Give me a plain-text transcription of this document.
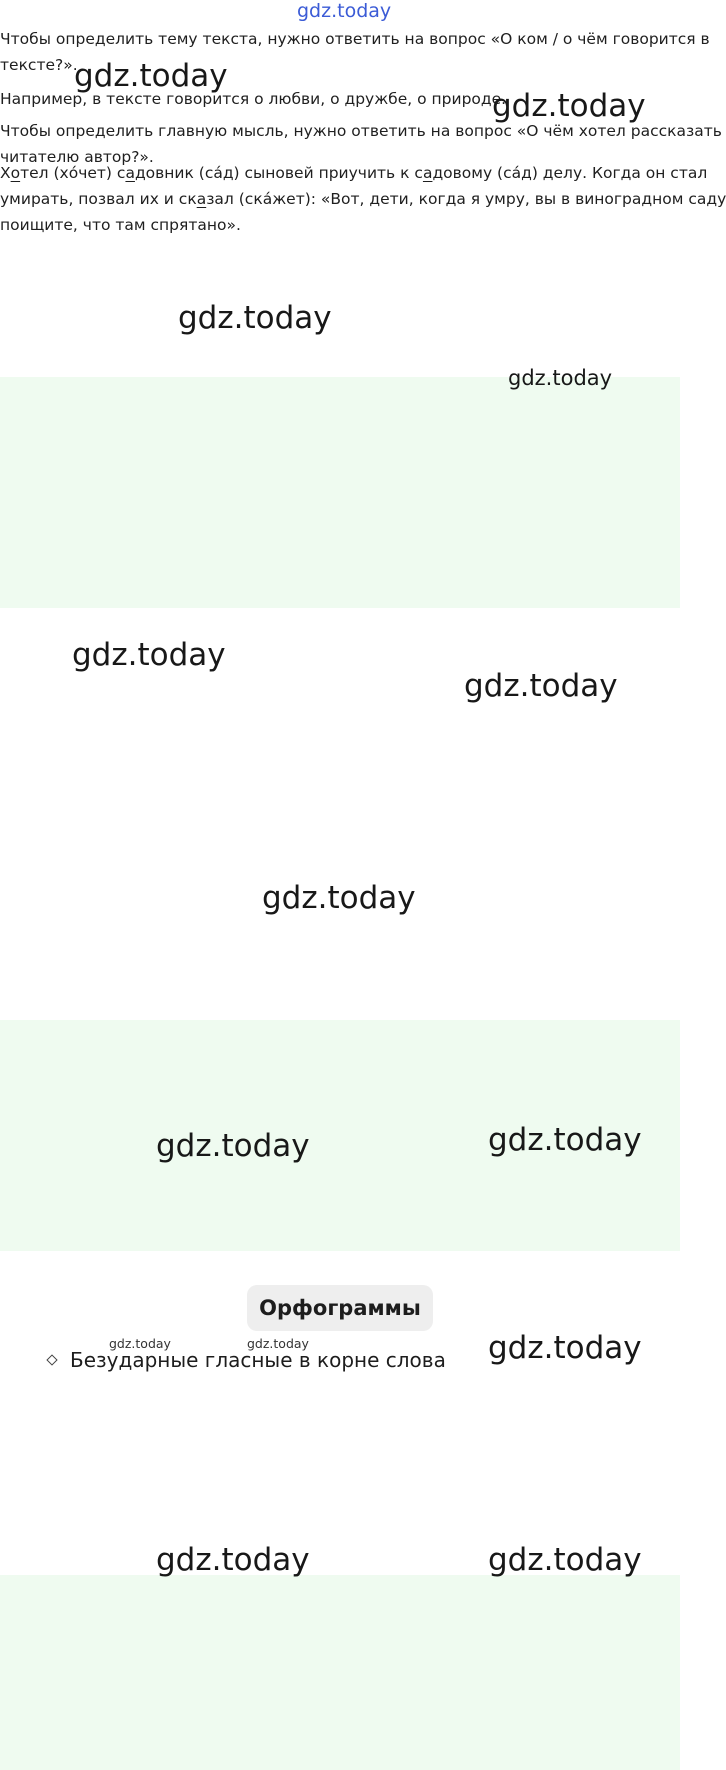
Чтобы определить тему текста, нужно ответить на вопрос «О ком / о чём говорится в
тексте?».
Например, в тексте говорится о любви, о дружбе, о природе.
Чтобы определить главную мысль, нужно ответить на вопрос «О чём хотел рассказать
читателю автор?».
Хотел (хóчет) садовник (сáд) сыновей приучить к садовому (сáд) делу. Когда он стал
умирать, позвал их и сказал (скáжет): «Вот, дети, когда я умру, вы в винограднoм саду
поищите, что там спрятано».
Орфограммы
Безударные гласные в корне слова
gdz.today
gdz.today
gdz.today
gdz.today
gdz.today
gdz.today
gdz.today
gdz.today
gdz.today	gdz.today
gdz.today
gdz.today	gdz.today
gdz.today	gdz.today
